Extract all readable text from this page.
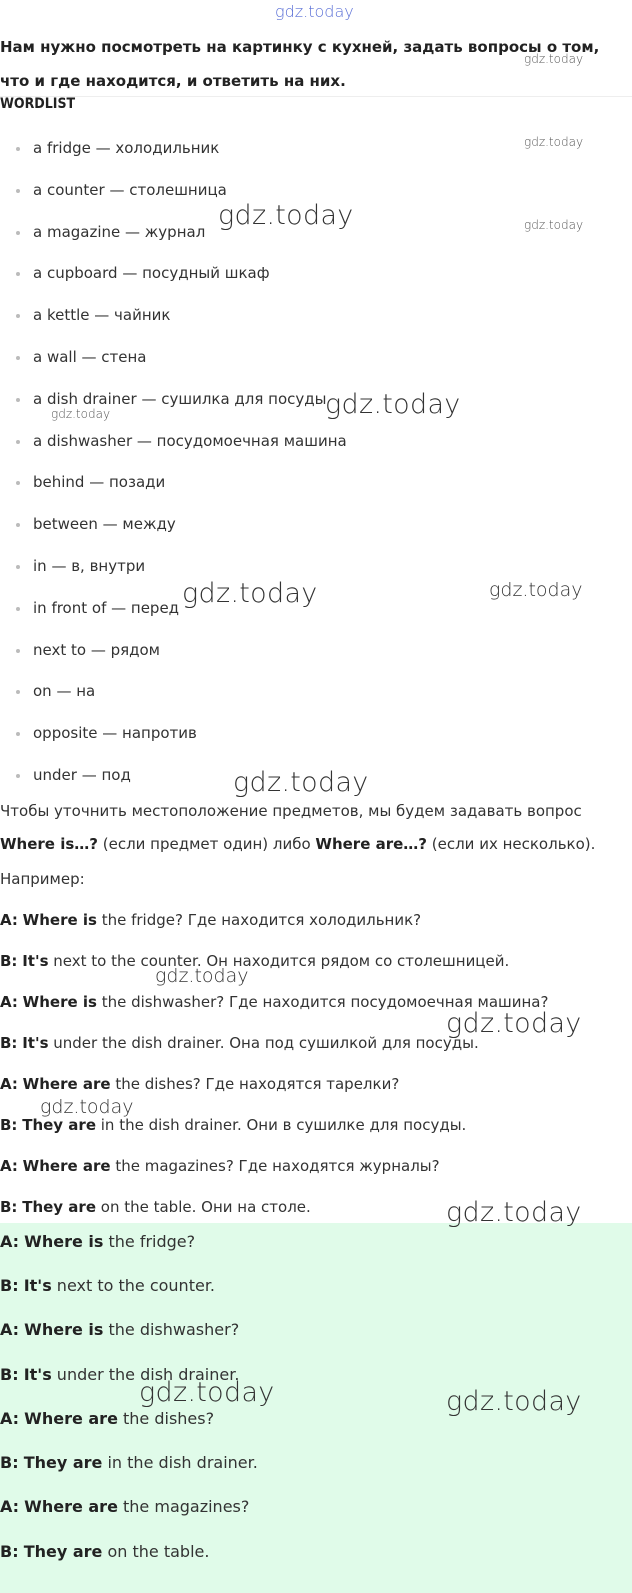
gdz.today
gdz.today
gdz.today
gdz.today
Нам нужно посмотреть на картинку с кухней, задать вопросы о том, что и где находится, и ответить на них.
WORDLIST
a fridge — холодильник
a counter — столешница
a magazine — журнал
a cupboard — посудный шкаф
a kettle — чайник
a wall — стена
a dish drainer — сушилка для посуды
a dishwasher — посудомоечная машина
behind — позади
between — между
in — в, внутри
in front of — перед
next to — рядом
on — на
opposite — напротив
under — под
gdz.today
gdz.today
gdz.today
gdz.today	gdz.today
gdz.today
Чтобы уточнить местоположение предметов, мы будем задавать вопрос Where is…? (если предмет один) либо Where are…? (если их несколько).
Например:
A: Where is the fridge? Где находится холодильник?
B: It's next to the counter. Он находится рядом со столешницей.
A: Where is the dishwasher? Где находится посудомоечная машина?
B: It's under the dish drainer. Она под сушилкой для посуды.
A: Where are the dishes? Где находятся тарелки?
B: They are in the dish drainer. Они в сушилке для посуды.
A: Where are the magazines? Где находятся журналы?
B: They are on the table. Они на столе.
gdz.today
gdz.today
gdz.today
A: Where is the fridge?
B: It's next to the counter.
A: Where is the dishwasher?
B: It's under the dish drainer.
A: Where are the dishes?
B: They are in the dish drainer.
A: Where are the magazines?
B: They are on the table.
gdz.today
gdz.today	gdz.today
